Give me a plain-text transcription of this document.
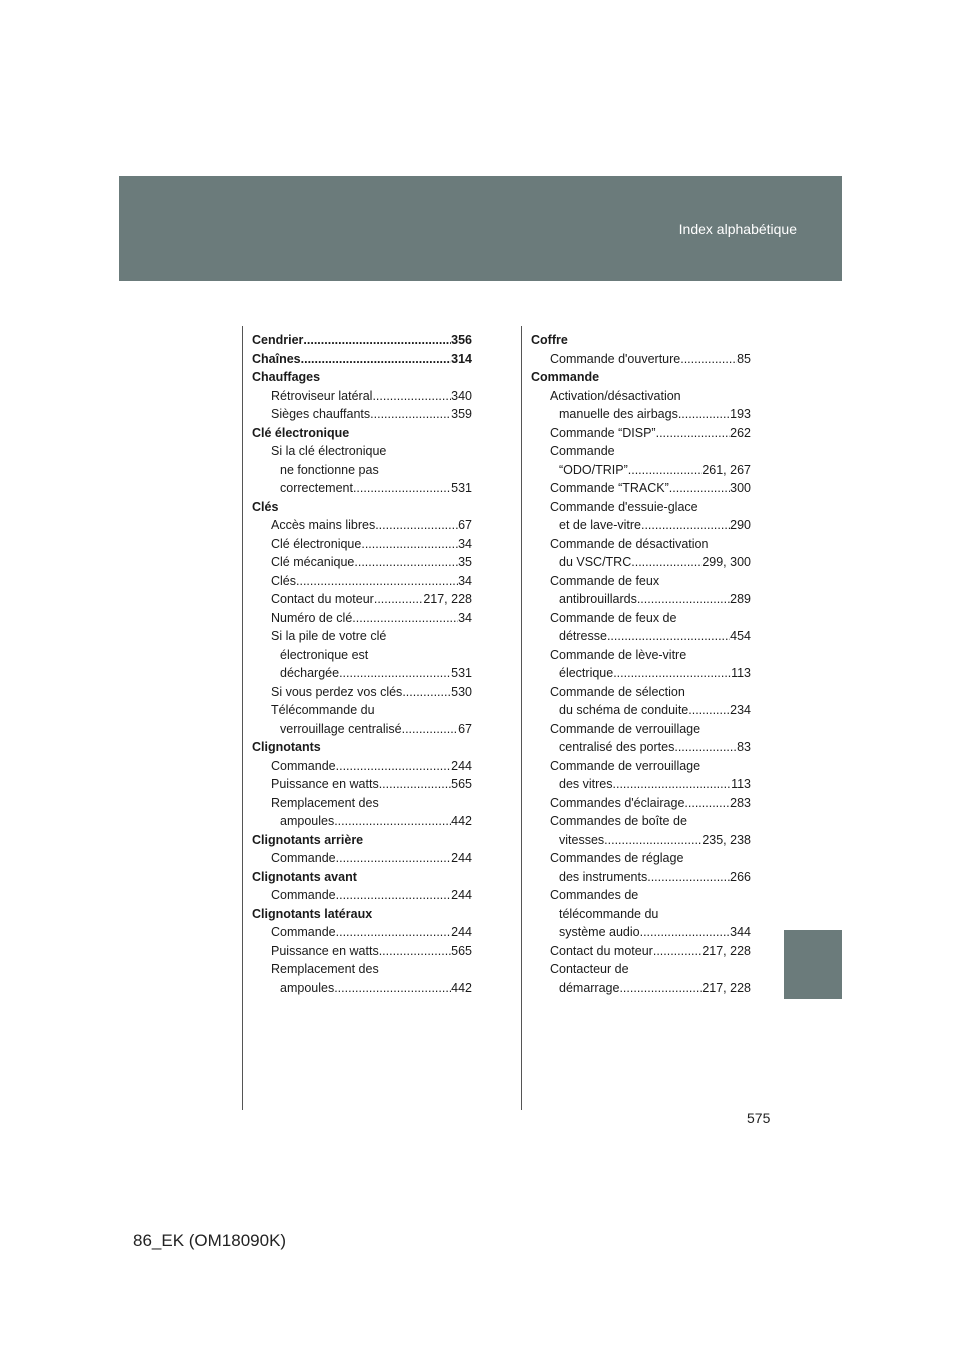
Index alphabétique
Cendrier .....	356
Chaînes .....	314
Chauffages
Rétroviseur latéral .....	340
Sièges chauffants .....	359
Clé électronique
Si la clé électronique
ne fonctionne pas
correctement .....	531
Clés
Accès mains libres .....	67
Clé électronique .....	34
Clé mécanique .....	35
Clés .....	34
Contact du moteur .....	217, 228
Numéro de clé .....	34
Si la pile de votre clé
électronique est
déchargée .....	531
Si vous perdez vos clés .....	530
Télécommande du
verrouillage centralisé .....	67
Clignotants
Commande .....	244
Puissance en watts .....	565
Remplacement des
ampoules .....	442
Clignotants arrière
Commande .....	244
Clignotants avant
Commande .....	244
Clignotants latéraux
Commande .....	244
Puissance en watts .....	565
Remplacement des
ampoules .....	442
Coffre
Commande d'ouverture .....	85
Commande
Activation/désactivation
manuelle des airbags .....	193
Commande “DISP” .....	262
Commande
“ODO/TRIP” .....	261, 267
Commande “TRACK” .....	300
Commande d'essuie-glace
et de lave-vitre .....	290
Commande de désactivation
du VSC/TRC .....	299, 300
Commande de feux
antibrouillards .....	289
Commande de feux de
détresse .....	454
Commande de lève-vitre
électrique .....	113
Commande de sélection
du schéma de conduite .....	234
Commande de verrouillage
centralisé des portes .....	83
Commande de verrouillage
des vitres .....	113
Commandes d'éclairage .....	283
Commandes de boîte de
vitesses .....	235, 238
Commandes de réglage
des instruments .....	266
Commandes de
télécommande du
système audio .....	344
Contact du moteur .....	217, 228
Contacteur de
démarrage .....	217, 228
575
86_EK (OM18090K)
